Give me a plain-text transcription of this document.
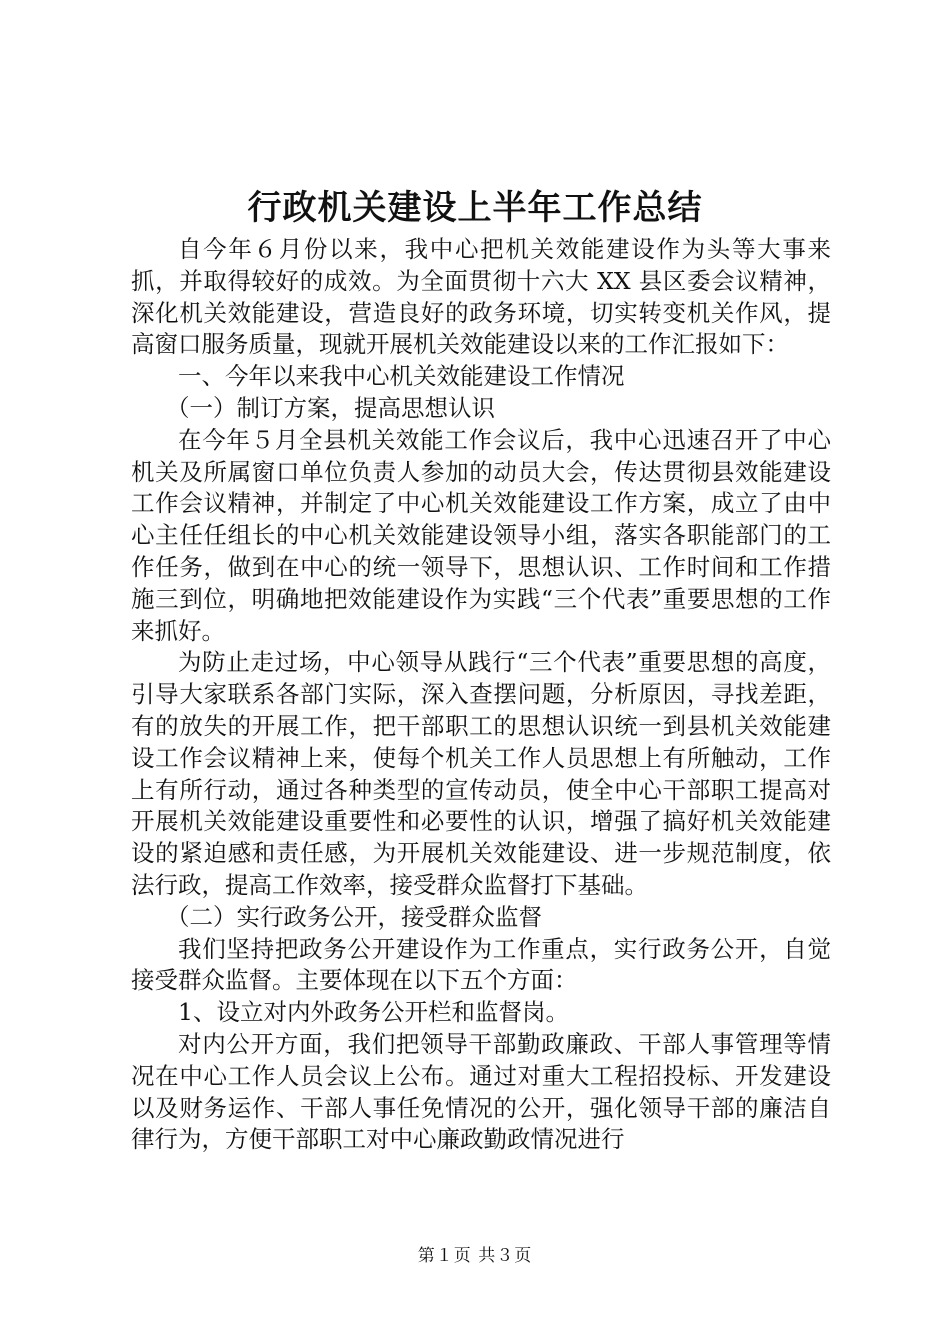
行政机关建设上半年工作总结

自今年６月份以来，我中心把机关效能建设作为头等大事来抓，并取得较好的成效。为全面贯彻十六大 XX 县区委会议精神，深化机关效能建设，营造良好的政务环境，切实转变机关作风，提高窗口服务质量，现就开展机关效能建设以来的工作汇报如下：

一、今年以来我中心机关效能建设工作情况

（一）制订方案，提高思想认识

在今年５月全县机关效能工作会议后，我中心迅速召开了中心机关及所属窗口单位负责人参加的动员大会，传达贯彻县效能建设工作会议精神，并制定了中心机关效能建设工作方案，成立了由中心主任任组长的中心机关效能建设领导小组，落实各职能部门的工作任务，做到在中心的统一领导下，思想认识、工作时间和工作措施三到位，明确地把效能建设作为实践“三个代表”重要思想的工作来抓好。

为防止走过场，中心领导从践行“三个代表”重要思想的高度，引导大家联系各部门实际，深入查摆问题，分析原因，寻找差距，有的放失的开展工作，把干部职工的思想认识统一到县机关效能建设工作会议精神上来，使每个机关工作人员思想上有所触动，工作上有所行动，通过各种类型的宣传动员，使全中心干部职工提高对开展机关效能建设重要性和必要性的认识，增强了搞好机关效能建设的紧迫感和责任感，为开展机关效能建设、进一步规范制度，依法行政，提高工作效率，接受群众监督打下基础。

（二）实行政务公开，接受群众监督

我们坚持把政务公开建设作为工作重点，实行政务公开，自觉接受群众监督。主要体现在以下五个方面：

1、设立对内外政务公开栏和监督岗。

对内公开方面，我们把领导干部勤政廉政、干部人事管理等情况在中心工作人员会议上公布。通过对重大工程招投标、开发建设以及财务运作、干部人事任免情况的公开，强化领导干部的廉洁自律行为，方便干部职工对中心廉政勤政情况进行

第１页 共３页
